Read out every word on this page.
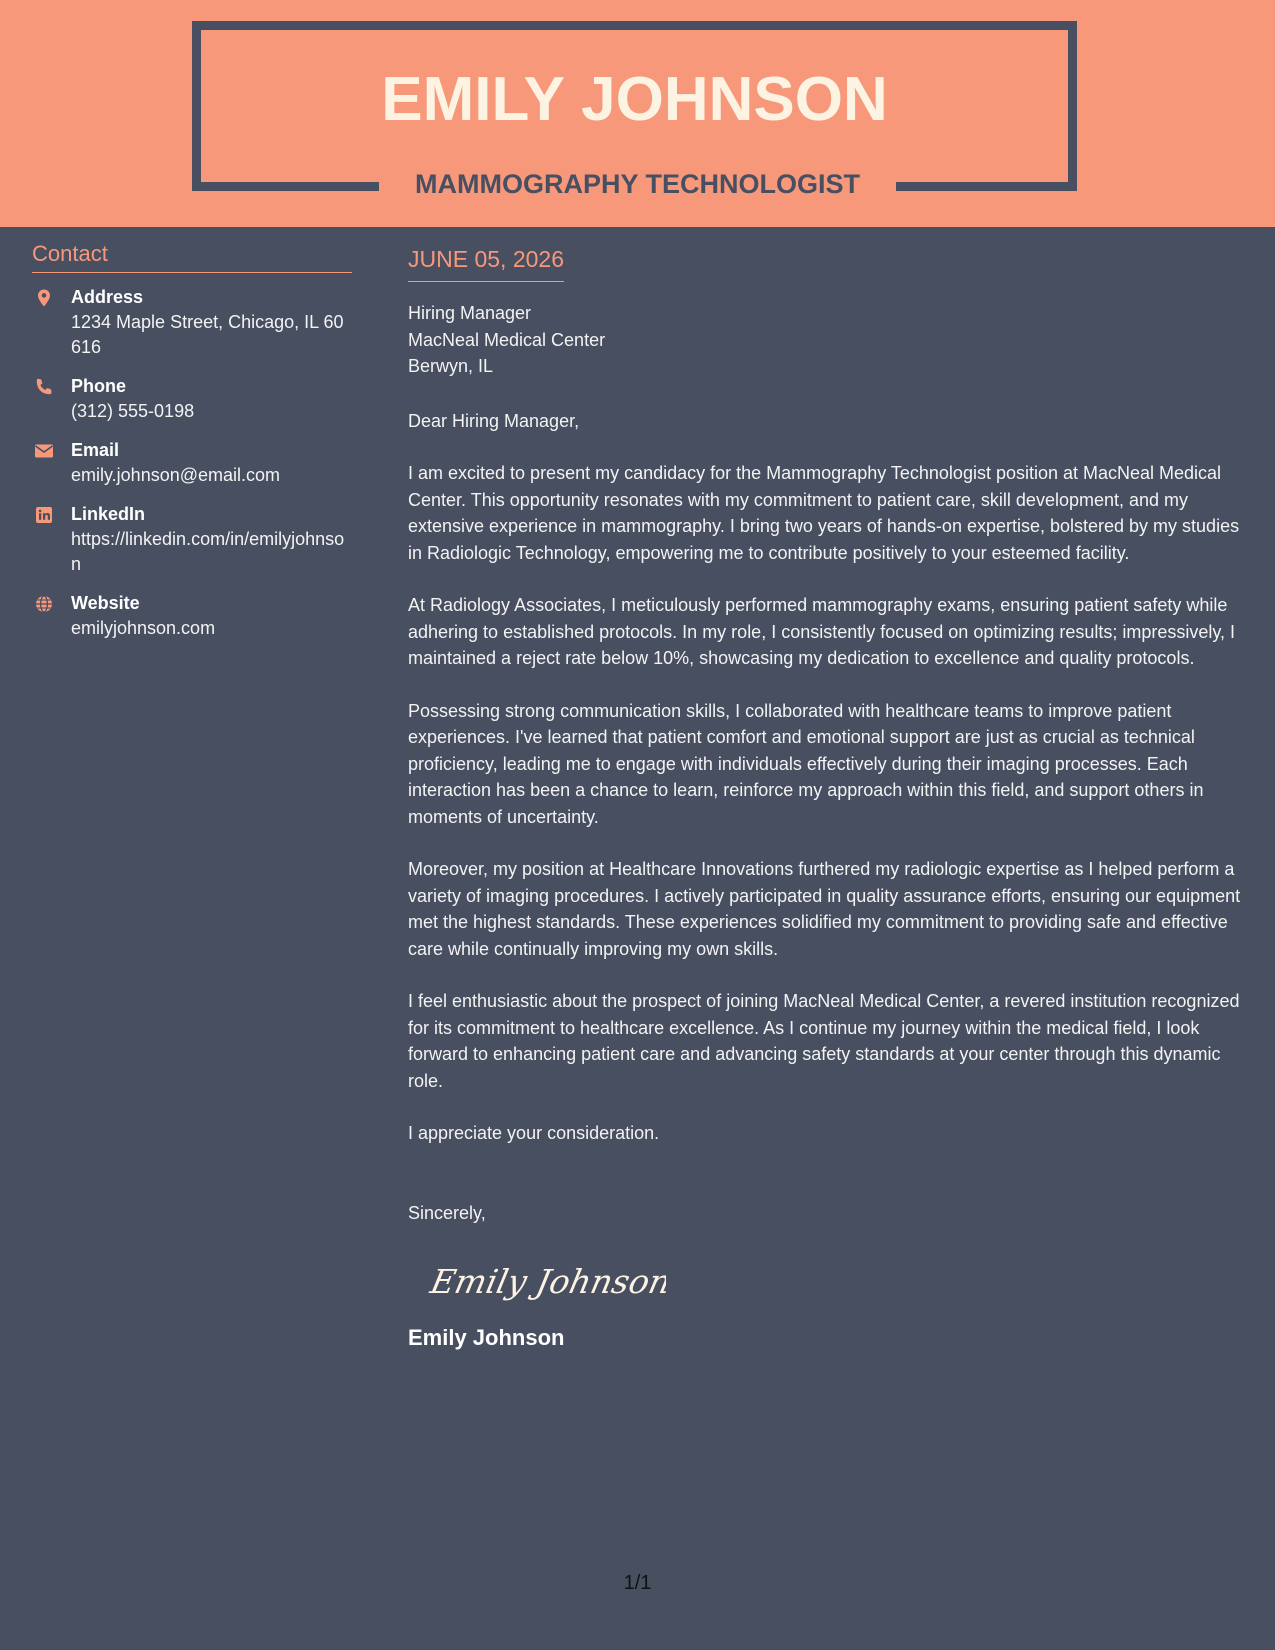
EMILY JOHNSON
MAMMOGRAPHY TECHNOLOGIST
Contact
Address
1234 Maple Street, Chicago, IL 60616
Phone
(312) 555-0198
Email
emily.johnson@email.com
LinkedIn
https://linkedin.com/in/emilyjohnson
Website
emilyjohnson.com
JUNE 05, 2026
Hiring Manager
MacNeal Medical Center
Berwyn, IL
Dear Hiring Manager,

I am excited to present my candidacy for the Mammography Technologist position at MacNeal Medical Center. This opportunity resonates with my commitment to patient care, skill development, and my extensive experience in mammography. I bring two years of hands-on expertise, bolstered by my studies in Radiologic Technology, empowering me to contribute positively to your esteemed facility.

At Radiology Associates, I meticulously performed mammography exams, ensuring patient safety while adhering to established protocols. In my role, I consistently focused on optimizing results; impressively, I maintained a reject rate below 10%, showcasing my dedication to excellence and quality protocols.

Possessing strong communication skills, I collaborated with healthcare teams to improve patient experiences. I've learned that patient comfort and emotional support are just as crucial as technical proficiency, leading me to engage with individuals effectively during their imaging processes. Each interaction has been a chance to learn, reinforce my approach within this field, and support others in moments of uncertainty.

Moreover, my position at Healthcare Innovations furthered my radiologic expertise as I helped perform a variety of imaging procedures. I actively participated in quality assurance efforts, ensuring our equipment met the highest standards. These experiences solidified my commitment to providing safe and effective care while continually improving my own skills.

I feel enthusiastic about the prospect of joining MacNeal Medical Center, a revered institution recognized for its commitment to healthcare excellence. As I continue my journey within the medical field, I look forward to enhancing patient care and advancing safety standards at your center through this dynamic role.

I appreciate your consideration.

Sincerely,
Emily Johnson
Emily Johnson
1/1
